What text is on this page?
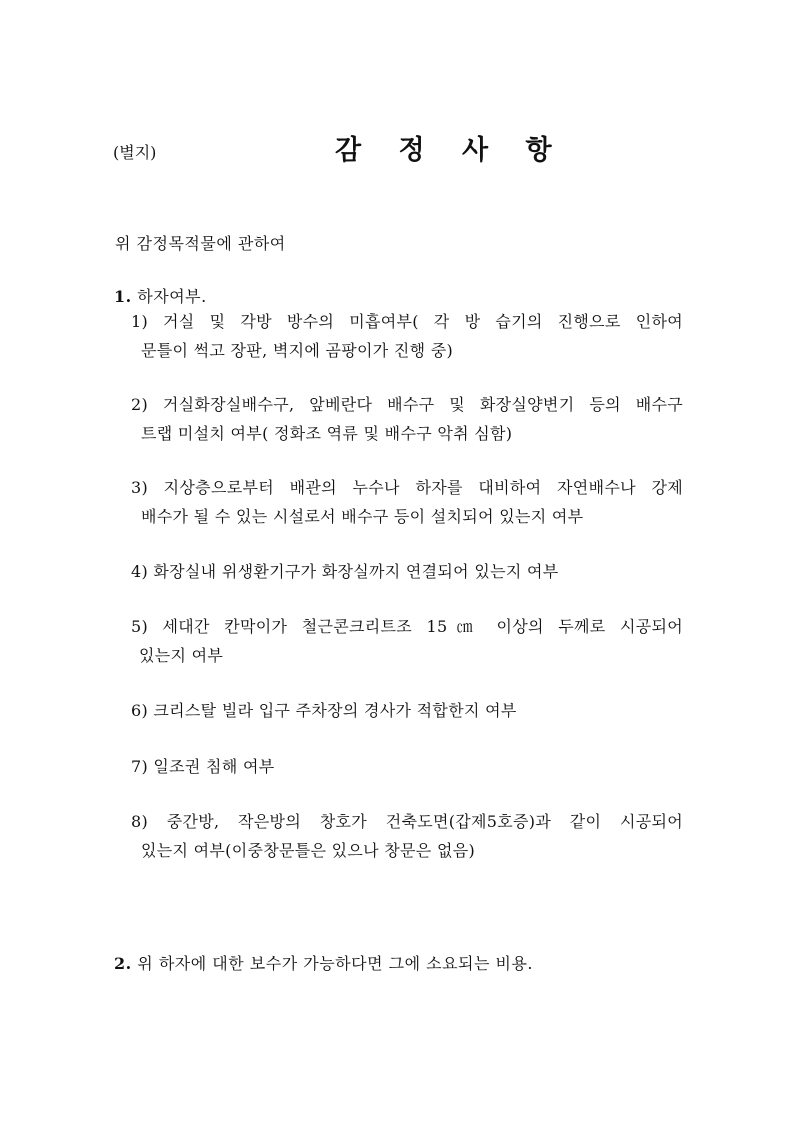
(별지)	감 정 사 항
위 감정목적물에 관하여
1. 하자여부.
1) 거실 및 각방 방수의 미흡여부( 각 방 습기의 진행으로 인하여
문틀이 썩고 장판, 벽지에 곰팡이가 진행 중)
2) 거실화장실배수구, 앞베란다 배수구 및 화장실양변기 등의 배수구
트랩 미설치 여부( 정화조 역류 및 배수구 악취 심함)
3) 지상층으로부터 배관의 누수나 하자를 대비하여 자연배수나 강제
배수가 될 수 있는 시설로서 배수구 등이 설치되어 있는지 여부
4) 화장실내 위생환기구가 화장실까지 연결되어 있는지 여부
5) 세대간 칸막이가 철근콘크리트조 15㎝ 이상의 두께로 시공되어
있는지 여부
6) 크리스탈 빌라 입구 주차장의 경사가 적합한지 여부
7) 일조권 침해 여부
8) 중간방, 작은방의 창호가 건축도면(갑제5호증)과 같이 시공되어
있는지 여부(이중창문틀은 있으나 창문은 없음)
2. 위 하자에 대한 보수가 가능하다면 그에 소요되는 비용.
